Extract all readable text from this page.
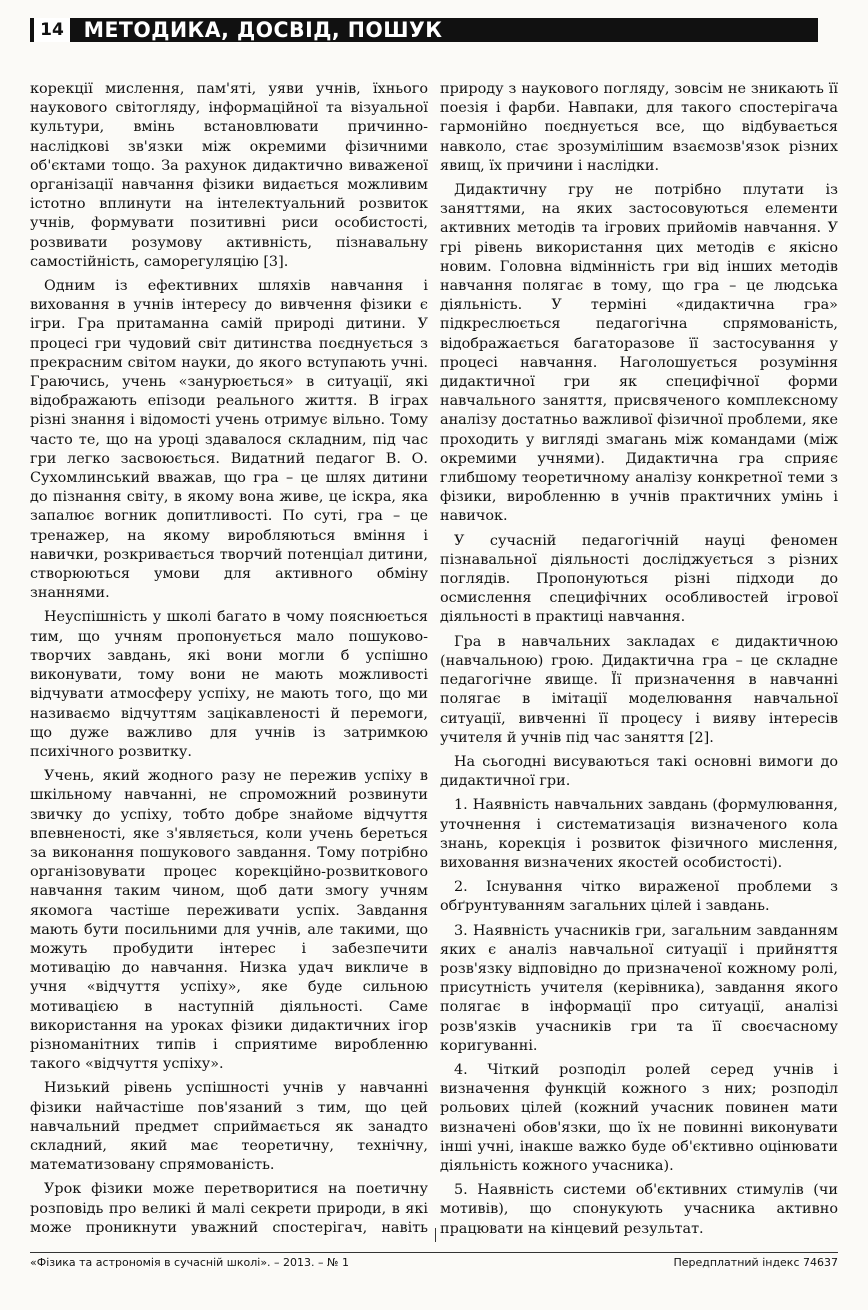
14 МЕТОДИКА, ДОСВІД, ПОШУК

корекції мислення, пам'яті, уяви учнів, їхнього наукового світогляду, інформаційної та візуальної культури, вмінь встановлювати причинно-наслідкові зв'язки між окремими фізичними об'єктами тощо. За рахунок дидактично виваженої організації навчання фізики видається можливим істотно вплинути на інтелектуальний розвиток учнів, формувати позитивні риси особистості, розвивати розумову активність, пізнавальну самостійність, саморегуляцію [3].

Одним із ефективних шляхів навчання і виховання в учнів інтересу до вивчення фізики є ігри. Гра притаманна самій природі дитини. У процесі гри чудовий світ дитинства поєднується з прекрасним світом науки, до якого вступають учні. Граючись, учень «занурюється» в ситуації, які відображають епізоди реального життя. В іграх різні знання і відомості учень отримує вільно. Тому часто те, що на уроці здавалося складним, під час гри легко засвоюється. Видатний педагог В. О. Сухомлинський вважав, що гра – це шлях дитини до пізнання світу, в якому вона живе, це іскра, яка запалює вогник допитливості. По суті, гра – це тренажер, на якому виробляються вміння і навички, розкривається творчий потенціал дитини, створюються умови для активного обміну знаннями.

Неуспішність у школі багато в чому пояснюється тим, що учням пропонується мало пошуково-творчих завдань, які вони могли б успішно виконувати, тому вони не мають можливості відчувати атмосферу успіху, не мають того, що ми називаємо відчуттям зацікавленості й перемоги, що дуже важливо для учнів із затримкою психічного розвитку.

Учень, який жодного разу не пережив успіху в шкільному навчанні, не спроможний розвинути звичку до успіху, тобто добре знайоме відчуття впевненості, яке з'являється, коли учень береться за виконання пошукового завдання. Тому потрібно організовувати процес корекційно-розвиткового навчання таким чином, щоб дати змогу учням якомога частіше переживати успіх. Завдання мають бути посильними для учнів, але такими, що можуть пробудити інтерес і забезпечити мотивацію до навчання. Низка удач викличе в учня «відчуття успіху», яке буде сильною мотивацією в наступній діяльності. Саме використання на уроках фізики дидактичних ігор різноманітних типів і сприятиме виробленню такого «відчуття успіху».

Низький рівень успішності учнів у навчанні фізики найчастіше пов'язаний з тим, що цей навчальний предмет сприймається як занадто складний, який має теоретичну, технічну, математизовану спрямованість.

Урок фізики може перетворитися на поетичну розповідь про великі й малі секрети природи, в які може проникнути уважний спостерігач, навіть

природу з наукового погляду, зовсім не зникають її поезія і фарби. Навпаки, для такого спостерігача гармонійно поєднується все, що відбувається навколо, стає зрозумілішим взаємозв'язок різних явищ, їх причини і наслідки.

Дидактичну гру не потрібно плутати із заняттями, на яких застосовуються елементи активних методів та ігрових прийомів навчання. У грі рівень використання цих методів є якісно новим. Головна відмінність гри від інших методів навчання полягає в тому, що гра – це людська діяльність. У терміні «дидактична гра» підкреслюється педагогічна спрямованість, відображається багаторазове її застосування у процесі навчання. Наголошується розуміння дидактичної гри як специфічної форми навчального заняття, присвяченого комплексному аналізу достатньо важливої фізичної проблеми, яке проходить у вигляді змагань між командами (між окремими учнями). Дидактична гра сприяє глибшому теоретичному аналізу конкретної теми з фізики, виробленню в учнів практичних умінь і навичок.

У сучасній педагогічній науці феномен пізнавальної діяльності досліджується з різних поглядів. Пропонуються різні підходи до осмислення специфічних особливостей ігрової діяльності в практиці навчання.

Гра в навчальних закладах є дидактичною (навчальною) грою. Дидактична гра – це складне педагогічне явище. Її призначення в навчанні полягає в імітації моделювання навчальної ситуації, вивченні її процесу і вияву інтересів учителя й учнів під час заняття [2].

На сьогодні висуваються такі основні вимоги до дидактичної гри.

1. Наявність навчальних завдань (формулювання, уточнення і систематизація визначеного кола знань, корекція і розвиток фізичного мислення, виховання визначених якостей особистості).

2. Існування чітко вираженої проблеми з обґрунтуванням загальних цілей і завдань.

3. Наявність учасників гри, загальним завданням яких є аналіз навчальної ситуації і прийняття розв'язку відповідно до призначеної кожному ролі, присутність учителя (керівника), завдання якого полягає в інформації про ситуації, аналізі розв'язків учасників гри та її своєчасному коригуванні.

4. Чіткий розподіл ролей серед учнів і визначення функцій кожного з них; розподіл рольових цілей (кожний учасник повинен мати визначені обов'язки, що їх не повинні виконувати інші учні, інакше важко буде об'єктивно оцінювати діяльність кожного учасника).

5. Наявність системи об'єктивних стимулів (чи мотивів), що спонукують учасника активно працювати на кінцевий результат.

«Фізика та астрономія в сучасній школі». – 2013. – № 1	Передплатний індекс 74637
